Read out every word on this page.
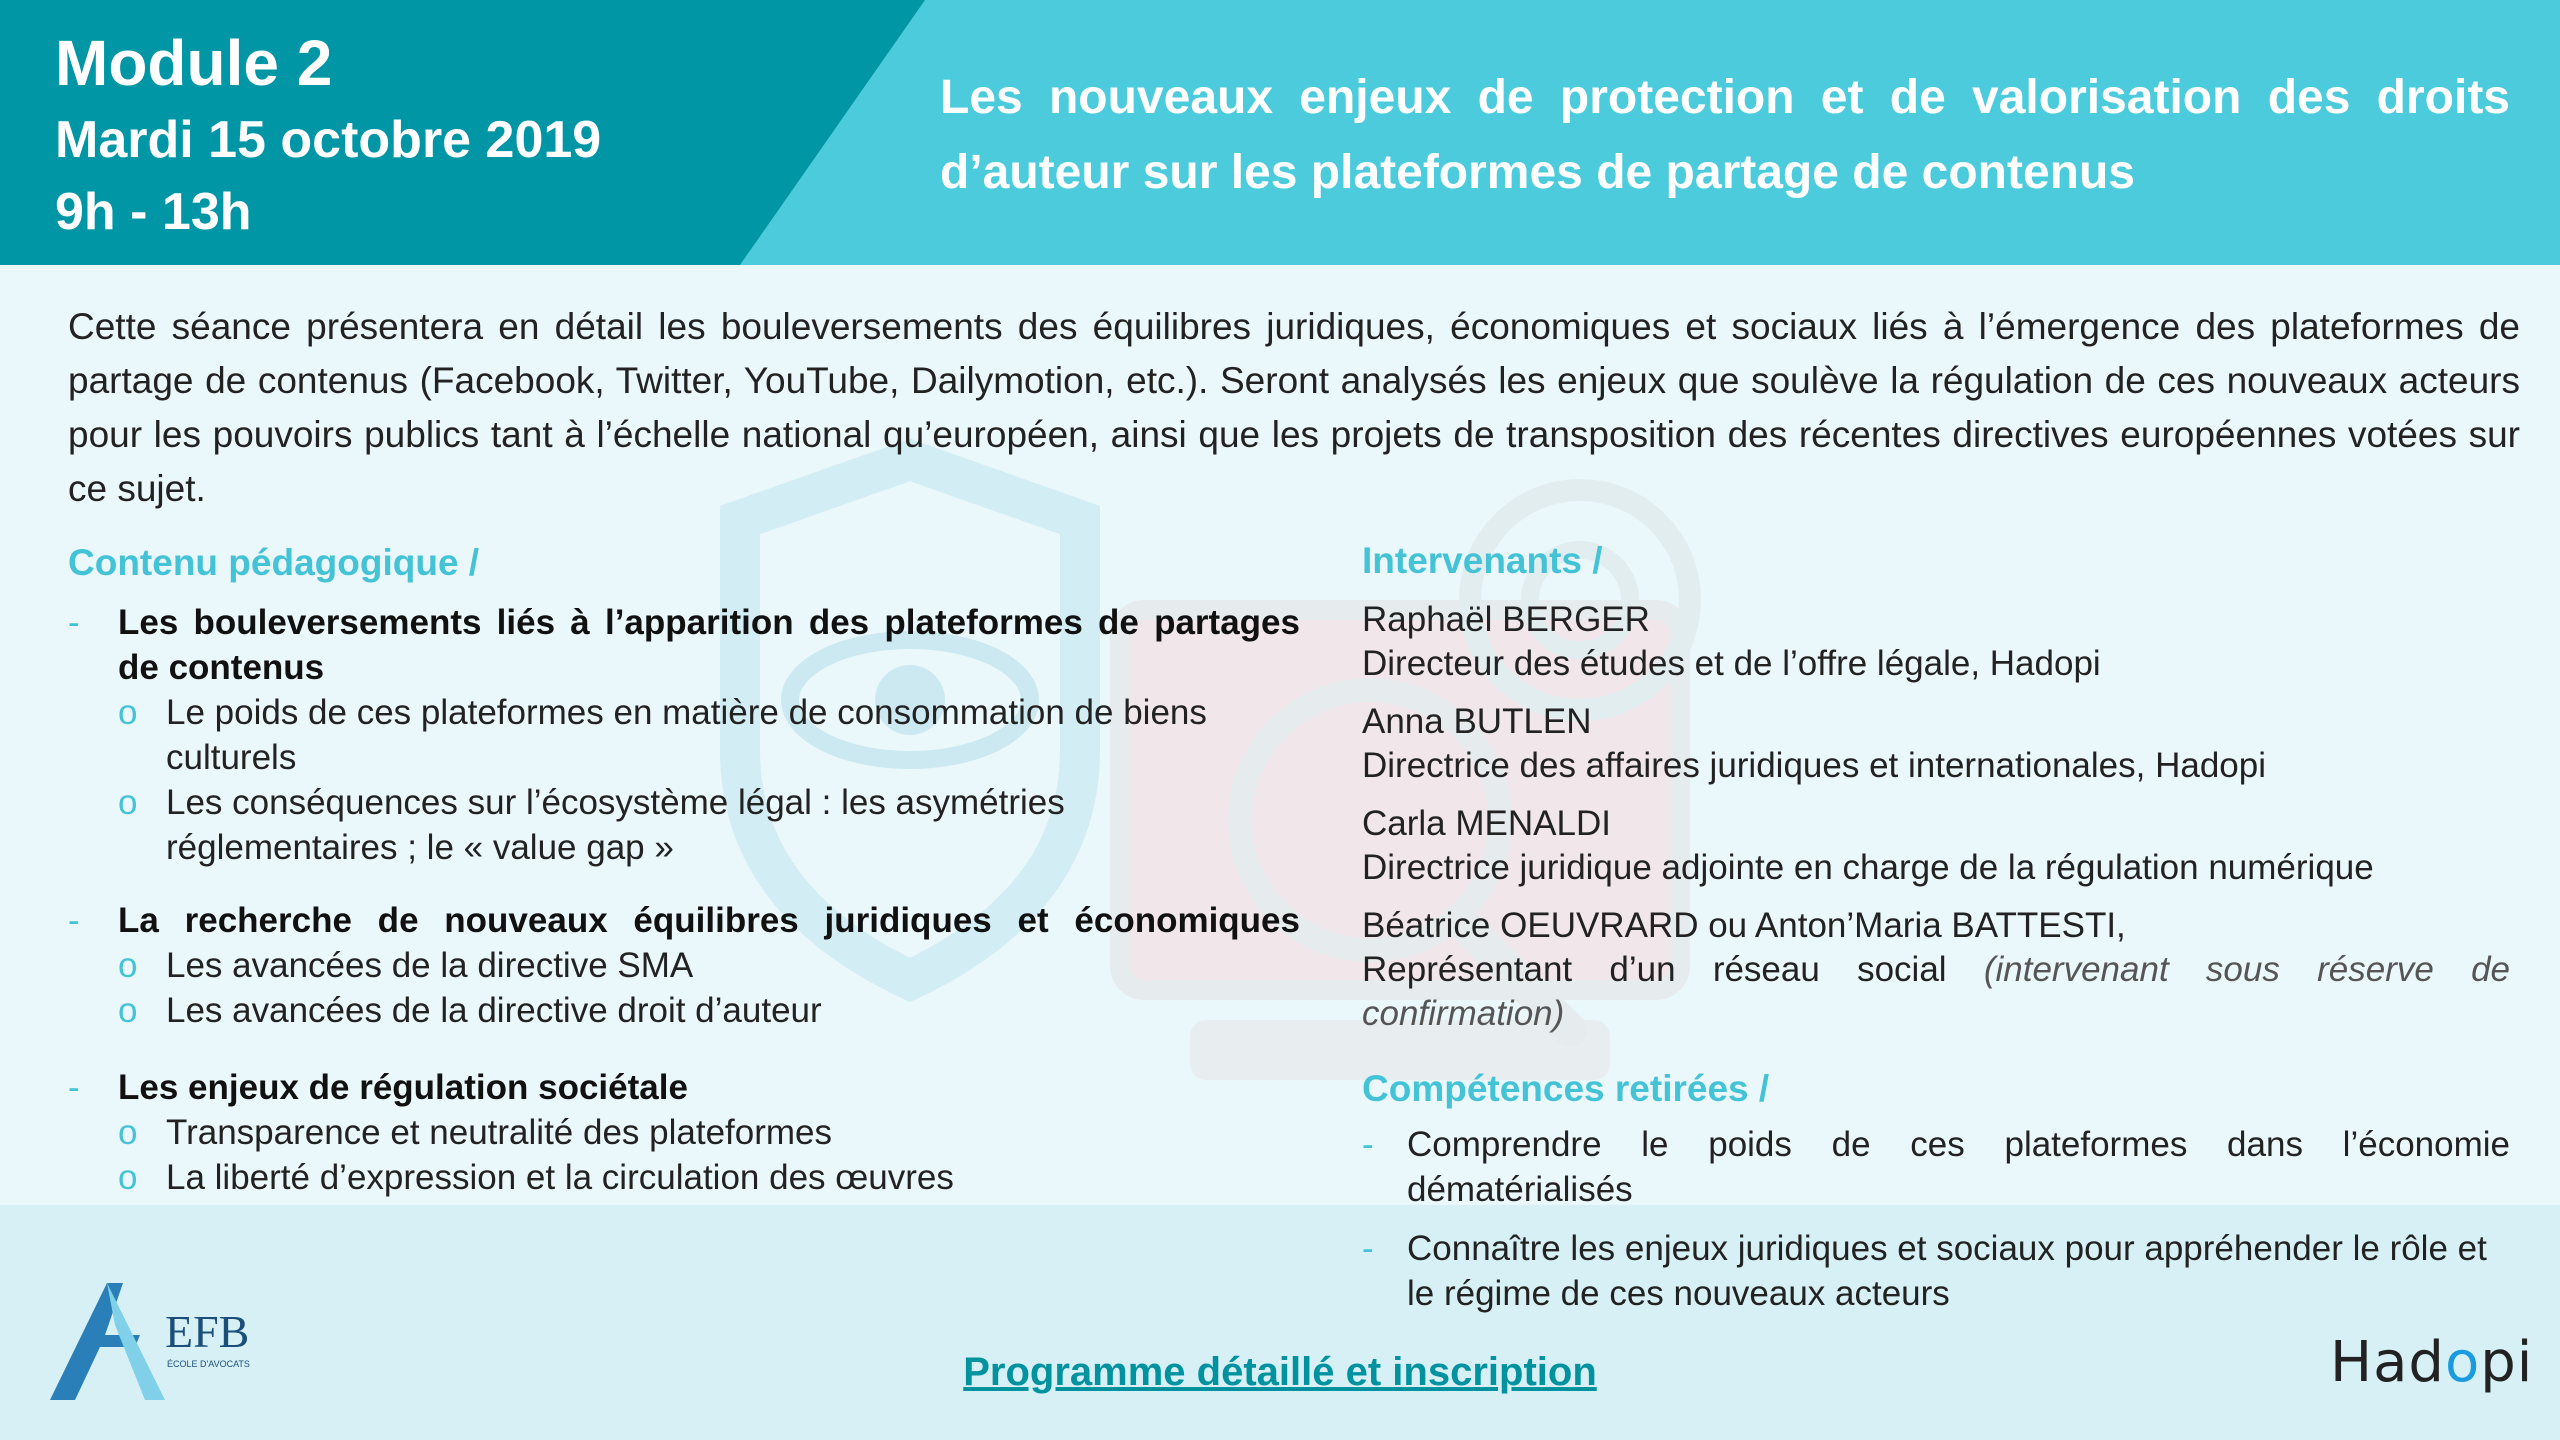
Module 2
Mardi 15 octobre 2019
9h - 13h
Les nouveaux enjeux de protection et de valorisation des droits d’auteur sur les plateformes de partage de contenus
Cette séance présentera en détail les bouleversements des équilibres juridiques, économiques et sociaux liés à l’émergence des plateformes de partage de contenus (Facebook, Twitter, YouTube, Dailymotion, etc.). Seront analysés les enjeux que soulève la régulation de ces nouveaux acteurs pour les pouvoirs publics tant à l’échelle national qu’européen, ainsi que les projets de transposition des récentes directives européennes votées sur ce sujet.
Contenu pédagogique /
- Les bouleversements liés à l’apparition des plateformes de partages de contenus
o Le poids de ces plateformes en matière de consommation de biens culturels
o Les conséquences sur l’écosystème légal : les asymétries réglementaires ; le « value gap »
- La recherche de nouveaux équilibres juridiques et économiques
o Les avancées de la directive SMA
o Les avancées de la directive droit d’auteur
- Les enjeux de régulation sociétale
o Transparence et neutralité des plateformes
o La liberté d’expression et la circulation des œuvres
Intervenants /
Raphaël BERGER
Directeur des études et de l’offre légale, Hadopi
Anna BUTLEN
Directrice des affaires juridiques et internationales, Hadopi
Carla MENALDI
Directrice juridique adjointe en charge de la régulation numérique
Béatrice OEUVRARD ou Anton’Maria BATTESTI,
Représentant d’un réseau social (intervenant sous réserve de
confirmation)
Compétences retirées /
- Comprendre le poids de ces plateformes dans l’économie dématérialisés
- Connaître les enjeux juridiques et sociaux pour appréhender le rôle et le régime de ces nouveaux acteurs
EFB
ÉCOLE D'AVOCATS	Programme détaillé et inscription	Hadopi
